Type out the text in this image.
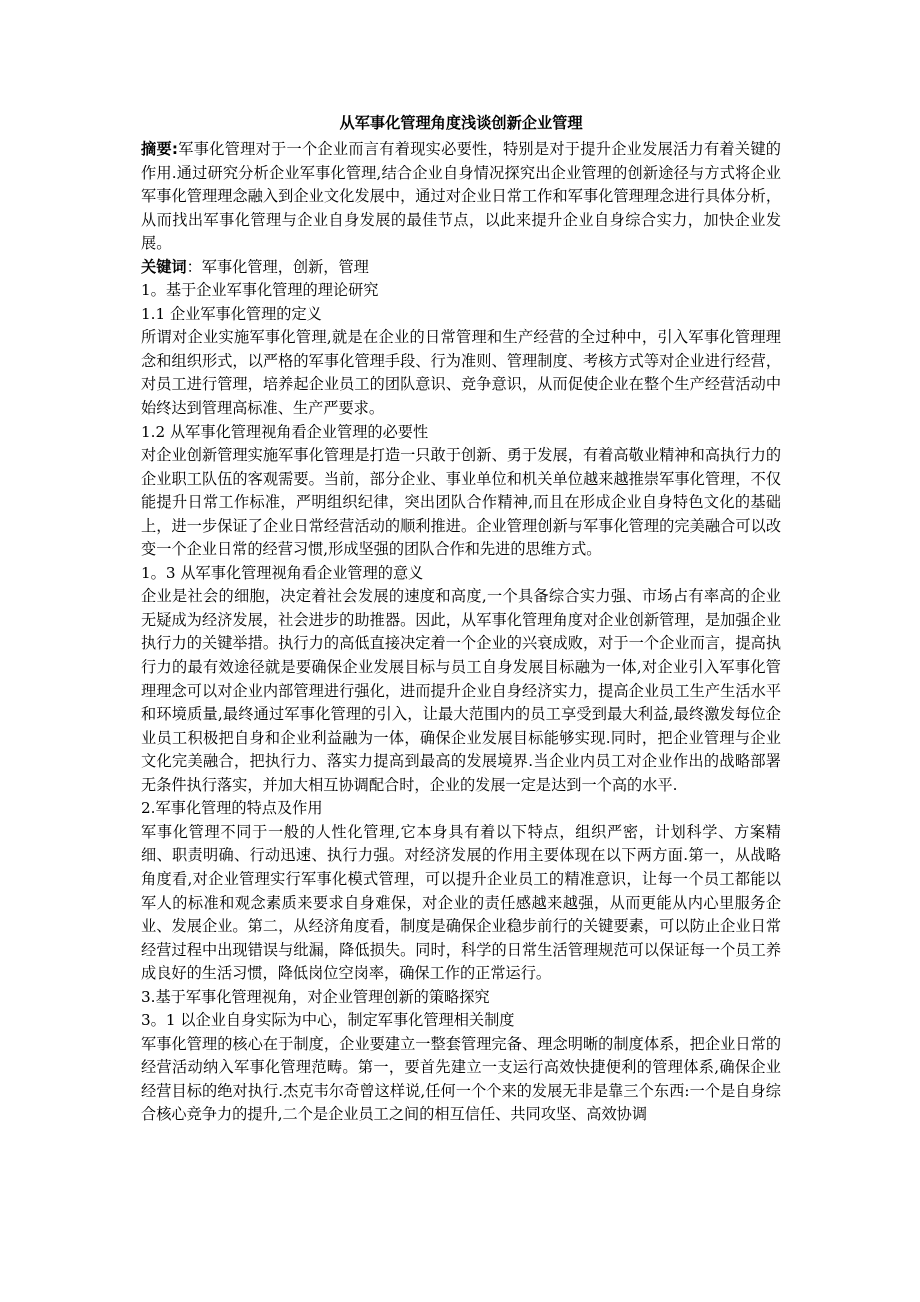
从军事化管理角度浅谈创新企业管理

摘要:军事化管理对于一个企业而言有着现实必要性，特别是对于提升企业发展活力有着关键的作用.通过研究分析企业军事化管理,结合企业自身情况探究出企业管理的创新途径与方式将企业军事化管理理念融入到企业文化发展中，通过对企业日常工作和军事化管理理念进行具体分析，从而找出军事化管理与企业自身发展的最佳节点，以此来提升企业自身综合实力，加快企业发展。

关键词：军事化管理，创新，管理

1。基于企业军事化管理的理论研究

1.1 企业军事化管理的定义

所谓对企业实施军事化管理,就是在企业的日常管理和生产经营的全过种中，引入军事化管理理念和组织形式，以严格的军事化管理手段、行为准则、管理制度、考核方式等对企业进行经营，对员工进行管理，培养起企业员工的团队意识、竞争意识，从而促使企业在整个生产经营活动中始终达到管理高标准、生产严要求。

1.2 从军事化管理视角看企业管理的必要性

对企业创新管理实施军事化管理是打造一只敢于创新、勇于发展，有着高敬业精神和高执行力的企业职工队伍的客观需要。当前，部分企业、事业单位和机关单位越来越推崇军事化管理，不仅能提升日常工作标准，严明组织纪律，突出团队合作精神,而且在形成企业自身特色文化的基础上，进一步保证了企业日常经营活动的顺利推进。企业管理创新与军事化管理的完美融合可以改变一个企业日常的经营习惯,形成坚强的团队合作和先进的思维方式。

1。3 从军事化管理视角看企业管理的意义

企业是社会的细胞，决定着社会发展的速度和高度,一个具备综合实力强、市场占有率高的企业无疑成为经济发展，社会进步的助推器。因此，从军事化管理角度对企业创新管理，是加强企业执行力的关键举措。执行力的高低直接决定着一个企业的兴衰成败，对于一个企业而言，提高执行力的最有效途径就是要确保企业发展目标与员工自身发展目标融为一体,对企业引入军事化管理理念可以对企业内部管理进行强化，进而提升企业自身经济实力，提高企业员工生产生活水平和环境质量,最终通过军事化管理的引入，让最大范围内的员工享受到最大利益,最终激发每位企业员工积极把自身和企业利益融为一体，确保企业发展目标能够实现.同时，把企业管理与企业文化完美融合，把执行力、落实力提高到最高的发展境界.当企业内员工对企业作出的战略部署无条件执行落实，并加大相互协调配合时，企业的发展一定是达到一个高的水平.

2.军事化管理的特点及作用

军事化管理不同于一般的人性化管理,它本身具有着以下特点，组织严密，计划科学、方案精细、职责明确、行动迅速、执行力强。对经济发展的作用主要体现在以下两方面.第一，从战略角度看,对企业管理实行军事化模式管理，可以提升企业员工的精准意识，让每一个员工都能以军人的标准和观念素质来要求自身难保，对企业的责任感越来越强，从而更能从内心里服务企业、发展企业。第二，从经济角度看，制度是确保企业稳步前行的关键要素，可以防止企业日常经营过程中出现错误与纰漏，降低损失。同时，科学的日常生活管理规范可以保证每一个员工养成良好的生活习惯，降低岗位空岗率，确保工作的正常运行。

3.基于军事化管理视角，对企业管理创新的策略探究

3。1 以企业自身实际为中心，制定军事化管理相关制度

军事化管理的核心在于制度，企业要建立一整套管理完备、理念明晰的制度体系，把企业日常的经营活动纳入军事化管理范畴。第一，要首先建立一支运行高效快捷便利的管理体系,确保企业经营目标的绝对执行.杰克韦尔奇曾这样说,任何一个个来的发展无非是靠三个东西:一个是自身综合核心竞争力的提升,二个是企业员工之间的相互信任、共同攻坚、高效协调
